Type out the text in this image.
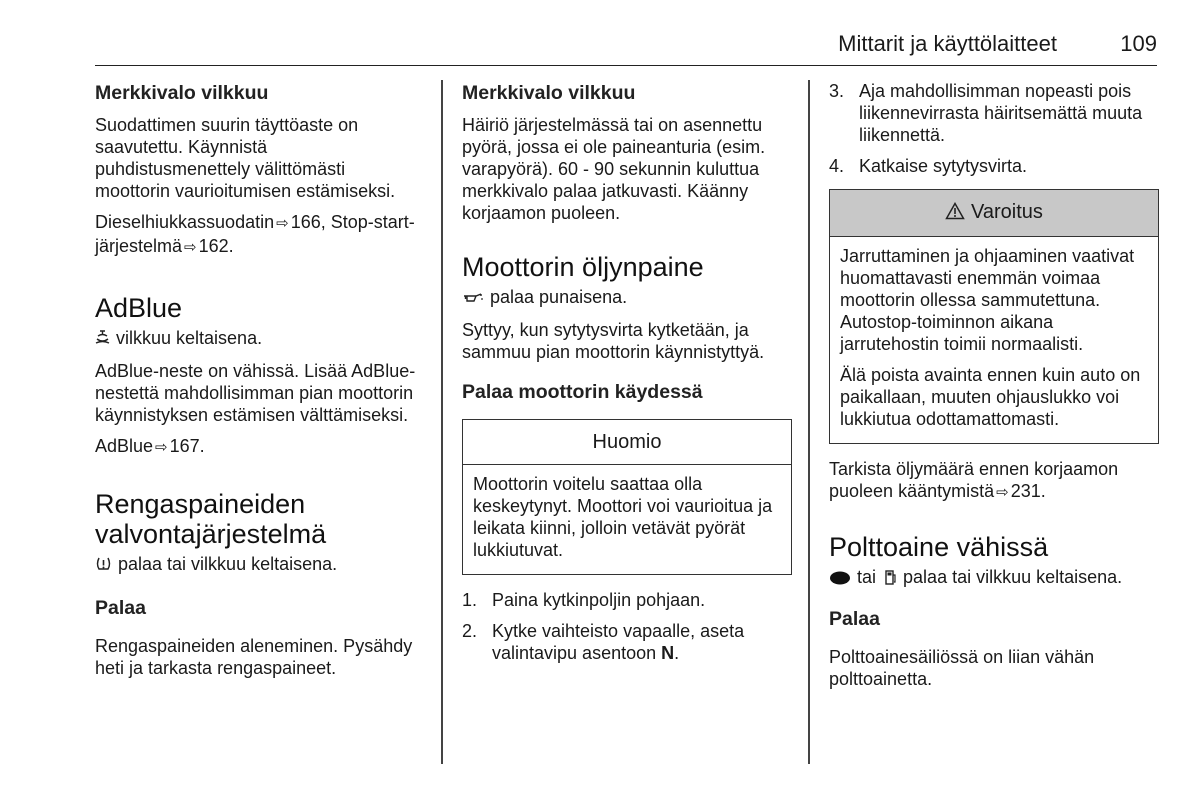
Mittarit ja käyttölaitteet	109
Merkkivalo vilkkuu

Suodattimen suurin täyttöaste on saavutettu. Käynnistä puhdistusmenettely välittömästi moottorin vaurioitumisen estämiseksi.

Dieselhiukkassuodatin ⇨ 166, Stop-start-järjestelmä ⇨ 162.

AdBlue

vilkkuu keltaisena.

AdBlue-neste on vähissä. Lisää AdBlue-nestettä mahdollisimman pian moottorin käynnistyksen estämisen välttämiseksi.

AdBlue ⇨ 167.

Rengaspaineiden valvontajärjestelmä

palaa tai vilkkuu keltaisena.

Palaa

Rengaspaineiden aleneminen. Pysähdy heti ja tarkasta rengaspaineet.

Merkkivalo vilkkuu

Häiriö järjestelmässä tai on asennettu pyörä, jossa ei ole paineanturia (esim. varapyörä). 60 - 90 sekunnin kuluttua merkkivalo palaa jatkuvasti. Käänny korjaamon puoleen.

Moottorin öljynpaine

palaa punaisena.

Syttyy, kun sytytysvirta kytketään, ja sammuu pian moottorin käynnistyttyä.

Palaa moottorin käydessä
Huomio

Moottorin voitelu saattaa olla keskeytynyt. Moottori voi vaurioitua ja leikata kiinni, jolloin vetävät pyörät lukkiutuvat.

1. Paina kytkinpoljin pohjaan.
2. Kytke vaihteisto vapaalle, aseta valintavipu asentoon N.
3. Aja mahdollisimman nopeasti pois liikennevirrasta häiritsemättä muuta liikennettä.
4. Katkaise sytytysvirta.
Varoitus

Jarruttaminen ja ohjaaminen vaativat huomattavasti enemmän voimaa moottorin ollessa sammutettuna. Autostop-toiminnon aikana jarrutehostin toimii normaalisti.

Älä poista avainta ennen kuin auto on paikallaan, muuten ohjauslukko voi lukkiutua odottamattomasti.

Tarkista öljymäärä ennen korjaamon puoleen kääntymistä ⇨ 231.

Polttoaine vähissä

tai palaa tai vilkkuu keltaisena.

Palaa

Polttoainesäiliössä on liian vähän polttoainetta.
